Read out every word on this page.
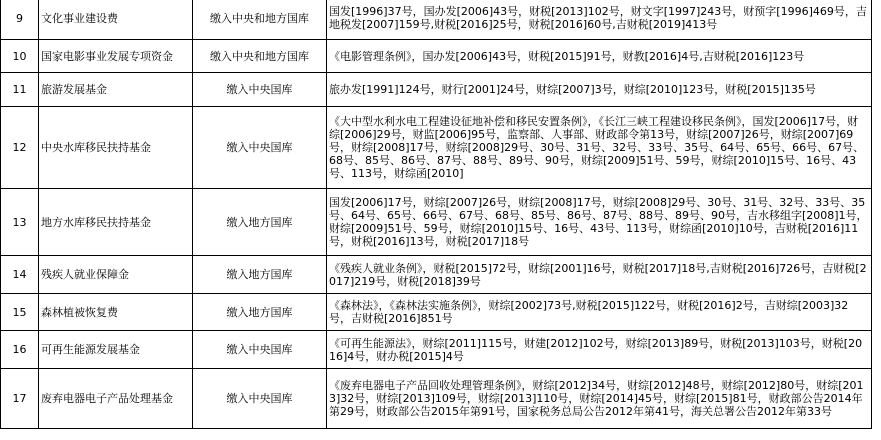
9	文化事业建设费	缴入中央和地方国库	国发[1996]37号，国办发[2006]43号，财税[2013]102号，财文字[1997]243号，财预字[1996]469号，吉地税发[2007]159号,财税[2016]25号，财税[2016]60号,吉财税[2019]413号
10	国家电影事业发展专项资金	缴入中央和地方国库	《电影管理条例》，国办发[2006]43号，财税[2015]91号，财教[2016]4号,吉财税[2016]123号
11	旅游发展基金	缴入中央国库	旅办发[1991]124号，财行[2001]24号，财综[2007]3号，财综[2010]123号，财税[2015]135号
12	中央水库移民扶持基金	缴入中央国库	《大中型水利水电工程建设征地补偿和移民安置条例》，《长江三峡工程建设移民条例》，国发[2006]17号，财综[2006]29号，财监[2006]95号，监察部、人事部、财政部令第13号，财综[2007]26号，财综[2007]69号，财综[2008]17号，财综[2008]29号、30号、31号、32号、33号、35号、64号、65号、66号、67号、68号、85号、86号、87号、88号、89号、90号，财综[2009]51号、59号，财综[2010]15号、16号、43号、113号，财综函[2010]
13	地方水库移民扶持基金	缴入地方国库	国发[2006]17号，财综[2007]26号，财综[2008]17号，财综[2008]29号、30号、31号、32号、33号、35号、64号、65号、66号、67号、68号、85号、86号、87号、88号、89号、90号，吉水移组字[2008]1号，财综[2009]51号、59号，财综[2010]15号、16号、43号、113号，财综函[2010]10号，吉财税[2016]11号，财税[2016]13号，财税[2017]18号
14	残疾人就业保障金	缴入地方国库	《残疾人就业条例》，财税[2015]72号，财综[2001]16号，财税[2017]18号,吉财税[2016]726号，吉财税[2017]219号，财税[2018]39号
15	森林植被恢复费	缴入地方国库	《森林法》，《森林法实施条例》，财综[2002]73号,财税[2015]122号，财税[2016]2号，吉财综[2003]32号，吉财税[2016]851号
16	可再生能源发展基金	缴入中央国库	《可再生能源法》，财综[2011]115号，财建[2012]102号，财综[2013]89号，财税[2013]103号，财税[2016]4号，财办税[2015]4号
17	废弃电器电子产品处理基金	缴入中央国库	《废弃电器电子产品回收处理管理条例》，财综[2012]34号，财综[2012]48号，财综[2012]80号，财综[2013]32号，财综[2013]109号，财综[2013]110号，财综[2014]45号，财综[2015]81号，财政部公告2014年第29号，财政部公告2015年第91号，国家税务总局公告2012年第41号，海关总署公告2012年第33号
